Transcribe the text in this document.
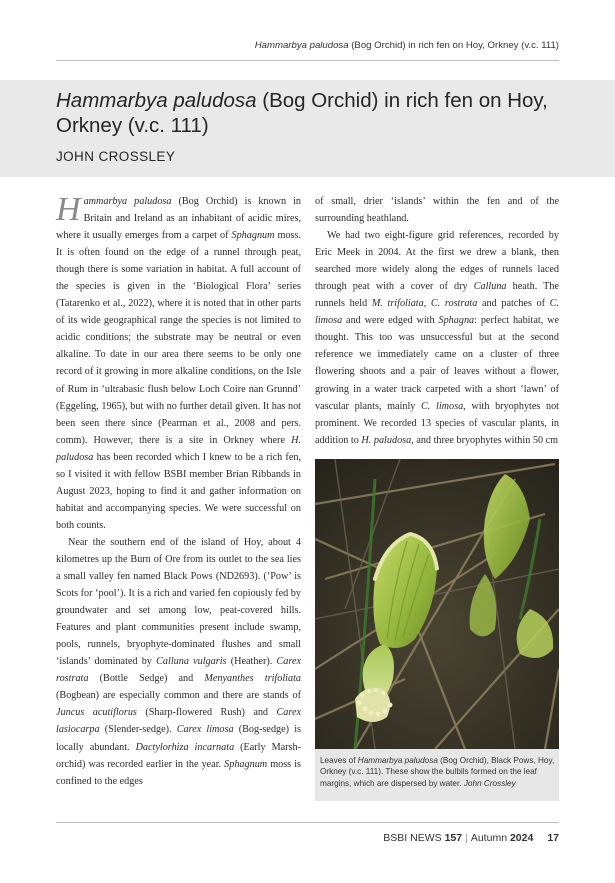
Hammarbya paludosa (Bog Orchid) in rich fen on Hoy, Orkney (v.c. 111)
Hammarbya paludosa (Bog Orchid) in rich fen on Hoy, Orkney (v.c. 111)
JOHN CROSSLEY

Hammarbya paludosa (Bog Orchid) is known in Britain and Ireland as an inhabitant of acidic mires, where it usually emerges from a carpet of Sphagnum moss. It is often found on the edge of a runnel through peat, though there is some variation in habitat. A full account of the species is given in the ‘Biological Flora’ series (Tatarenko et al., 2022), where it is noted that in other parts of its wide geographical range the species is not limited to acidic conditions; the substrate may be neutral or even alkaline. To date in our area there seems to be only one record of it growing in more alkaline conditions, on the Isle of Rum in ‘ultrabasic flush below Loch Coire nan Grunnd’ (Eggeling, 1965), but with no further detail given. It has not been seen there since (Pearman et al., 2008 and pers. comm). However, there is a site in Orkney where H. paludosa has been recorded which I knew to be a rich fen, so I visited it with fellow BSBI member Brian Ribbands in August 2023, hoping to find it and gather information on habitat and accompanying species. We were successful on both counts.

Near the southern end of the island of Hoy, about 4 kilometres up the Burn of Ore from its outlet to the sea lies a small valley fen named Black Pows (ND2693). (‘Pow’ is Scots for ‘pool’). It is a rich and varied fen copiously fed by groundwater and set among low, peat-covered hills. Features and plant communities present include swamp, pools, runnels, bryophyte-dominated flushes and small ‘islands’ dominated by Calluna vulgaris (Heather). Carex rostrata (Bottle Sedge) and Menyanthes trifoliata (Bogbean) are especially common and there are stands of Juncus acutiflorus (Sharp-flowered Rush) and Carex lasiocarpa (Slender-sedge). Carex limosa (Bog-sedge) is locally abundant. Dactylorhiza incarnata (Early Marsh-orchid) was recorded earlier in the year. Sphagnum moss is confined to the edges

of small, drier ‘islands’ within the fen and of the surrounding heathland.

We had two eight-figure grid references, recorded by Eric Meek in 2004. At the first we drew a blank, then searched more widely along the edges of runnels laced through peat with a cover of dry Calluna heath. The runnels held M. trifoliata, C. rostrata and patches of C. limosa and were edged with Sphagna: perfect habitat, we thought. This too was unsuccessful but at the second reference we immediately came on a cluster of three flowering shoots and a pair of leaves without a flower, growing in a water track carpeted with a short ‘lawn’ of vascular plants, mainly C. limosa, with bryophytes not prominent. We recorded 13 species of vascular plants, in addition to H. paludosa, and three bryophytes within 50 cm

Leaves of Hammarbya paludosa (Bog Orchid), Black Pows, Hoy, Orkney (v.c. 111). These show the bulbils formed on the leaf margins, which are dispersed by water. John Crossley
BSBI NEWS 157 | Autumn 2024 17
